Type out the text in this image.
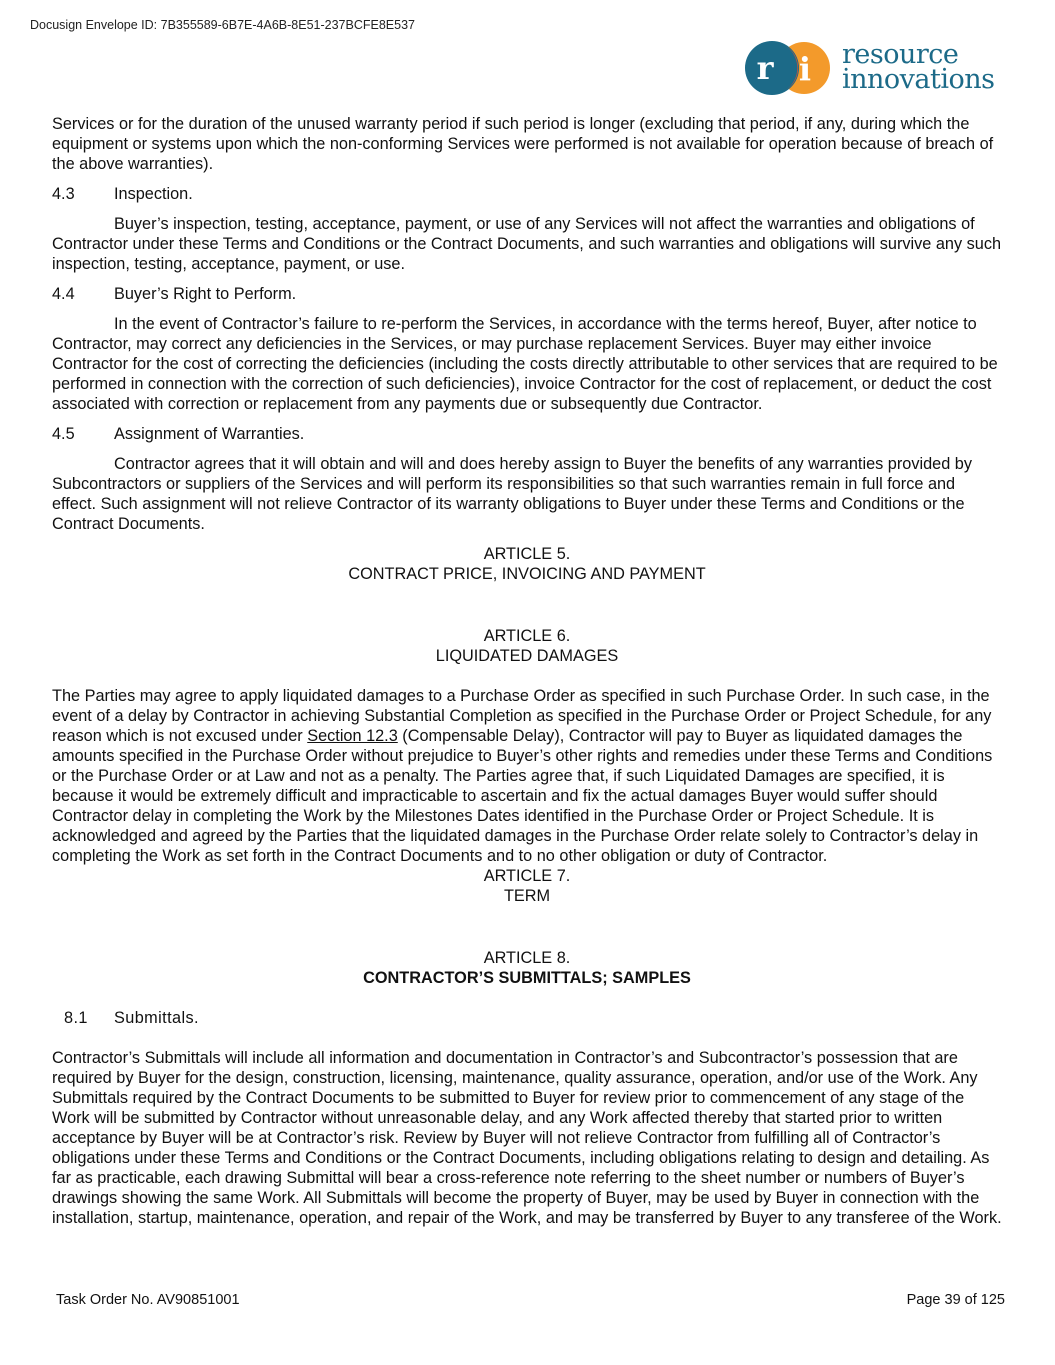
Docusign Envelope ID: 7B355589-6B7E-4A6B-8E51-237BCFE8E537
r i resource
innovations

Services or for the duration of the unused warranty period if such period is longer (excluding that period, if any, during which the equipment or systems upon which the non-conforming Services were performed is not available for operation because of breach of the above warranties).

4.3 Inspection.

Buyer’s inspection, testing, acceptance, payment, or use of any Services will not affect the warranties and obligations of Contractor under these Terms and Conditions or the Contract Documents, and such warranties and obligations will survive any such inspection, testing, acceptance, payment, or use.

4.4 Buyer’s Right to Perform.

In the event of Contractor’s failure to re-perform the Services, in accordance with the terms hereof, Buyer, after notice to Contractor, may correct any deficiencies in the Services, or may purchase replacement Services. Buyer may either invoice Contractor for the cost of correcting the deficiencies (including the costs directly attributable to other services that are required to be performed in connection with the correction of such deficiencies), invoice Contractor for the cost of replacement, or deduct the cost associated with correction or replacement from any payments due or subsequently due Contractor.

4.5 Assignment of Warranties.

Contractor agrees that it will obtain and will and does hereby assign to Buyer the benefits of any warranties provided by Subcontractors or suppliers of the Services and will perform its responsibilities so that such warranties remain in full force and effect. Such assignment will not relieve Contractor of its warranty obligations to Buyer under these Terms and Conditions or the Contract Documents.

ARTICLE 5.

CONTRACT PRICE, INVOICING AND PAYMENT

ARTICLE 6.

LIQUIDATED DAMAGES

The Parties may agree to apply liquidated damages to a Purchase Order as specified in such Purchase Order. In such case, in the event of a delay by Contractor in achieving Substantial Completion as specified in the Purchase Order or Project Schedule, for any reason which is not excused under Section 12.3 (Compensable Delay), Contractor will pay to Buyer as liquidated damages the amounts specified in the Purchase Order without prejudice to Buyer’s other rights and remedies under these Terms and Conditions or the Purchase Order or at Law and not as a penalty. The Parties agree that, if such Liquidated Damages are specified, it is because it would be extremely difficult and impracticable to ascertain and fix the actual damages Buyer would suffer should Contractor delay in completing the Work by the Milestones Dates identified in the Purchase Order or Project Schedule. It is acknowledged and agreed by the Parties that the liquidated damages in the Purchase Order relate solely to Contractor’s delay in completing the Work as set forth in the Contract Documents and to no other obligation or duty of Contractor.

ARTICLE 7.

TERM

ARTICLE 8.

CONTRACTOR’S SUBMITTALS; SAMPLES

8.1 Submittals.

Contractor’s Submittals will include all information and documentation in Contractor’s and Subcontractor’s possession that are required by Buyer for the design, construction, licensing, maintenance, quality assurance, operation, and/or use of the Work. Any Submittals required by the Contract Documents to be submitted to Buyer for review prior to commencement of any stage of the Work will be submitted by Contractor without unreasonable delay, and any Work affected thereby that started prior to written acceptance by Buyer will be at Contractor’s risk. Review by Buyer will not relieve Contractor from fulfilling all of Contractor’s obligations under these Terms and Conditions or the Contract Documents, including obligations relating to design and detailing. As far as practicable, each drawing Submittal will bear a cross-reference note referring to the sheet number or numbers of Buyer’s drawings showing the same Work. All Submittals will become the property of Buyer, may be used by Buyer in connection with the installation, startup, maintenance, operation, and repair of the Work, and may be transferred by Buyer to any transferee of the Work.

Task Order No. AV90851001	Page 39 of 125
